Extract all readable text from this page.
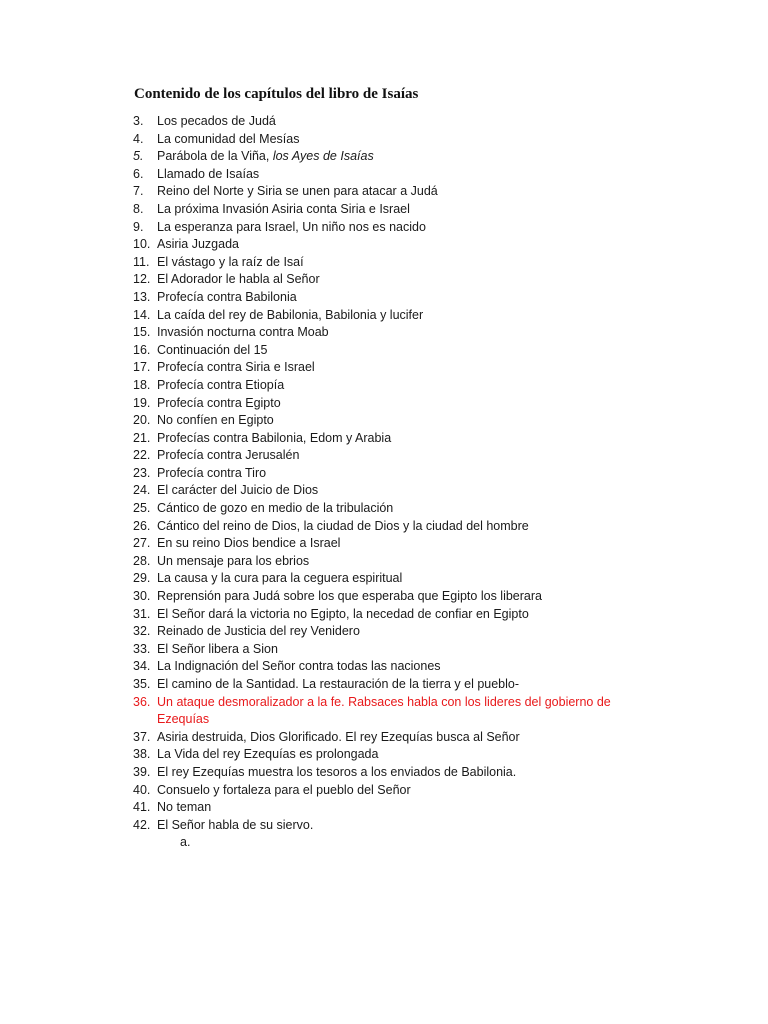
Contenido de los capítulos del libro de Isaías
3.	Los pecados de Judá
4.	La comunidad del Mesías
5.	Parábola de la Viña, los Ayes de Isaías
6.	Llamado de Isaías
7.	Reino del Norte y Siria se unen para atacar a Judá
8.	La próxima Invasión Asiria conta Siria e Israel
9.	La esperanza para Israel, Un niño nos es nacido
10. Asiria Juzgada
11. El vástago y la raíz de Isaí
12. El Adorador le habla al Señor
13. Profecía contra Babilonia
14. La caída del rey de Babilonia, Babilonia y lucifer
15. Invasión nocturna contra Moab
16. Continuación del 15
17. Profecía contra Siria e Israel
18. Profecía contra Etiopía
19. Profecía contra Egipto
20. No confíen en Egipto
21. Profecías contra Babilonia, Edom y Arabia
22. Profecía contra Jerusalén
23. Profecía contra Tiro
24. El carácter del Juicio de Dios
25. Cántico de gozo en medio de la tribulación
26. Cántico del reino de Dios, la ciudad de Dios y la ciudad del hombre
27. En su reino Dios bendice a Israel
28. Un mensaje para los ebrios
29. La causa y la cura para la ceguera espiritual
30. Reprensión para Judá sobre los que esperaba que Egipto los liberara
31. El Señor dará la victoria no Egipto, la necedad de confiar en Egipto
32. Reinado de Justicia del rey Venidero
33. El Señor libera a Sion
34. La Indignación del Señor contra todas las naciones
35. El camino de la Santidad. La restauración de la tierra y el pueblo-
36. Un ataque desmoralizador a la fe. Rabsaces habla con los lideres del gobierno de Ezequías
37. Asiria destruida, Dios Glorificado. El rey Ezequías busca al Señor
38. La Vida del rey Ezequías es prolongada
39. El rey Ezequías muestra los tesoros a los enviados de Babilonia.
40. Consuelo y fortaleza para el pueblo del Señor
41. No teman
42. El Señor habla de su siervo.
a.
